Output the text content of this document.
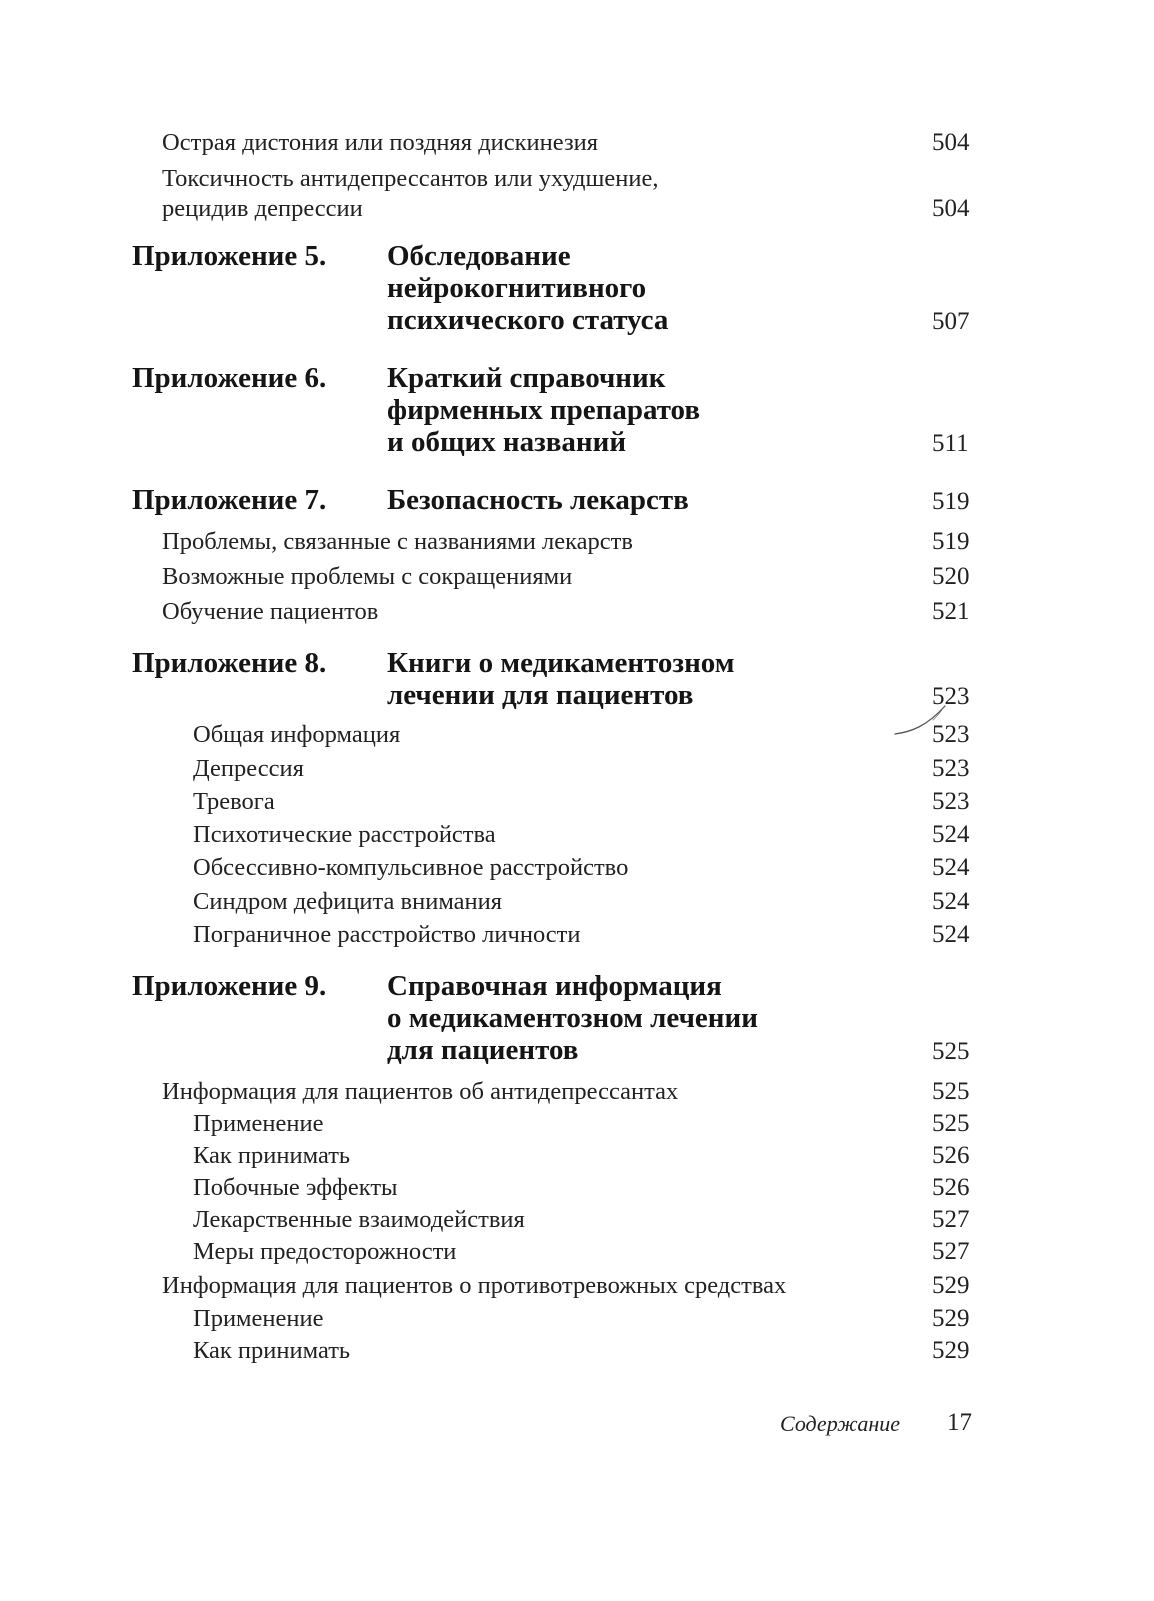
Острая дистония или поздняя дискинезия	504
Токсичность антидепрессантов или ухудшение,
рецидив депрессии	504
Приложение 5. Обследование
нейрокогнитивного
психического статуса	507
Приложение 6. Краткий справочник
фирменных препаратов
и общих названий	511
Приложение 7. Безопасность лекарств	519
Проблемы, связанные с названиями лекарств	519
Возможные проблемы с сокращениями	520
Обучение пациентов	521
Приложение 8. Книги о медикаментозном
лечении для пациентов	523
Общая информация	523
Депрессия	523
Тревога	523
Психотические расстройства	524
Обсессивно-компульсивное расстройство	524
Синдром дефицита внимания	524
Пограничное расстройство личности	524
Приложение 9. Справочная информация
о медикаментозном лечении
для пациентов	525
Информация для пациентов об антидепрессантах	525
Применение	525
Как принимать	526
Побочные эффекты	526
Лекарственные взаимодействия	527
Меры предосторожности	527
Информация для пациентов о противотревожных средствах	529
Применение	529
Как принимать	529
Содержание 17
